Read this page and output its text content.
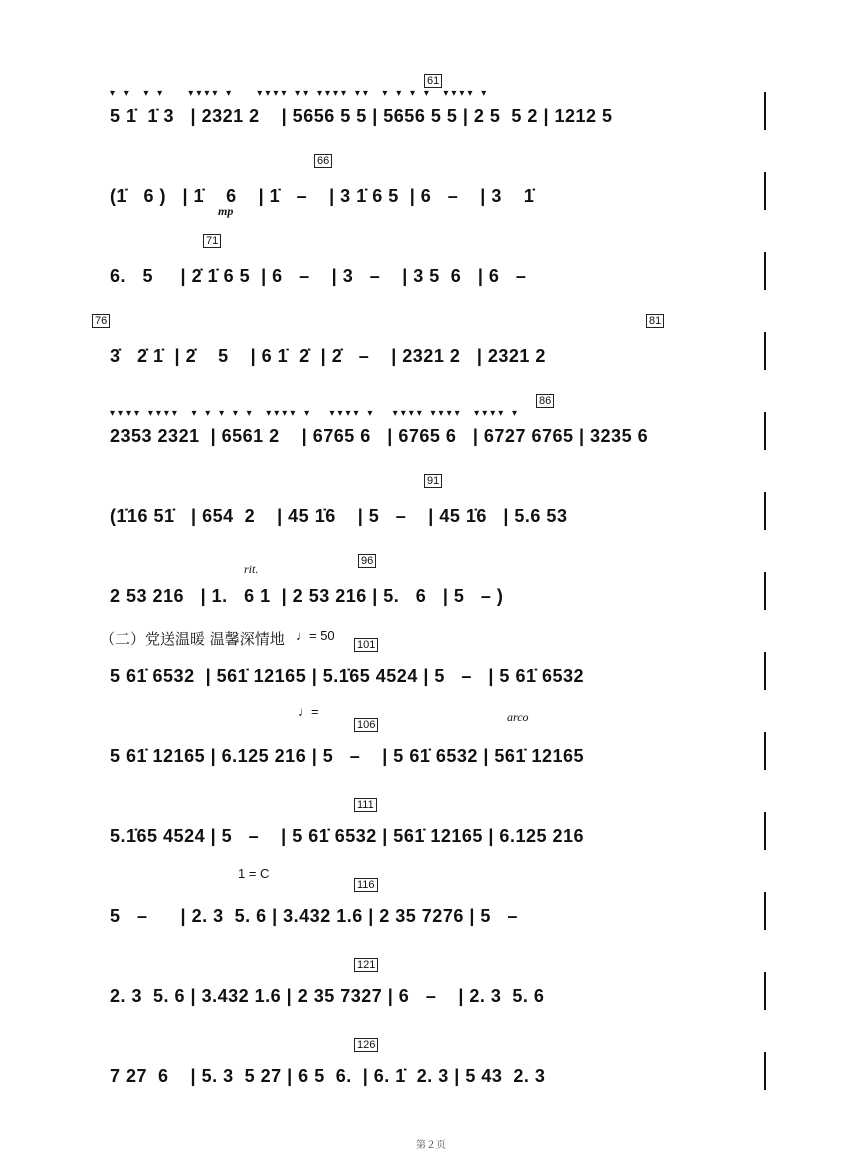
▾ ▾  ▾ ▾    ▾▾▾▾ ▾    ▾▾▾▾ ▾▾ ▾▾▾▾ ▾▾  ▾ ▾ ▾ ▾  ▾▾▾▾ ▾
61
5 1̇  1̇ 3   | 2321 2    | 5656 5 5 | 5656 5 5 | 2 5  5 2 | 1212 5
66
(1̇   6 )   | 1̇    6    | 1̇   –    | 3 1̇ 6 5  | 6   –    | 3    1̇
mp
71
6.   5     | 2̇ 1̇ 6 5  | 6   –    | 3   –    | 3 5  6   | 6   –
76	81
3̇   2̇ 1̇  | 2̇    5    | 6 1̇  2̇  | 2̇   –    | 2321 2   | 2321 2
▾▾▾▾ ▾▾▾▾  ▾ ▾ ▾ ▾ ▾  ▾▾▾▾ ▾   ▾▾▾▾ ▾   ▾▾▾▾ ▾▾▾▾  ▾▾▾▾ ▾
86
2353 2321  | 6561 2    | 6765 6   | 6765 6   | 6727 6765 | 3235 6
91
(1̇16 51̇   | 654  2    | 45 1̇6    | 5   –    | 45 1̇6   | 5.6 53
rit.
96
2 53 216   | 1.   6 1  | 2 53 216 | 5.   6   | 5   – )
（二）党送温暖 温馨深情地 ♩= 50
101
5 61̇ 6532  | 561̇ 12165 | 5.1̇65 4524 | 5   –   | 5 61̇ 6532
♩=	arco
106
5 61̇ 12165 | 6.125 216 | 5   –    | 5 61̇ 6532 | 561̇ 12165
111
5.1̇65 4524 | 5   –    | 5 61̇ 6532 | 561̇ 12165 | 6.125 216
1 = C
116
5   –      | 2. 3  5. 6 | 3.432 1.6 | 2 35 7276 | 5   –
121
2. 3  5. 6 | 3.432 1.6 | 2 35 7327 | 6   –    | 2. 3  5. 6
126
7 27  6    | 5. 3  5 27 | 6 5  6.  | 6. 1̇  2. 3 | 5 43  2. 3
第２页
